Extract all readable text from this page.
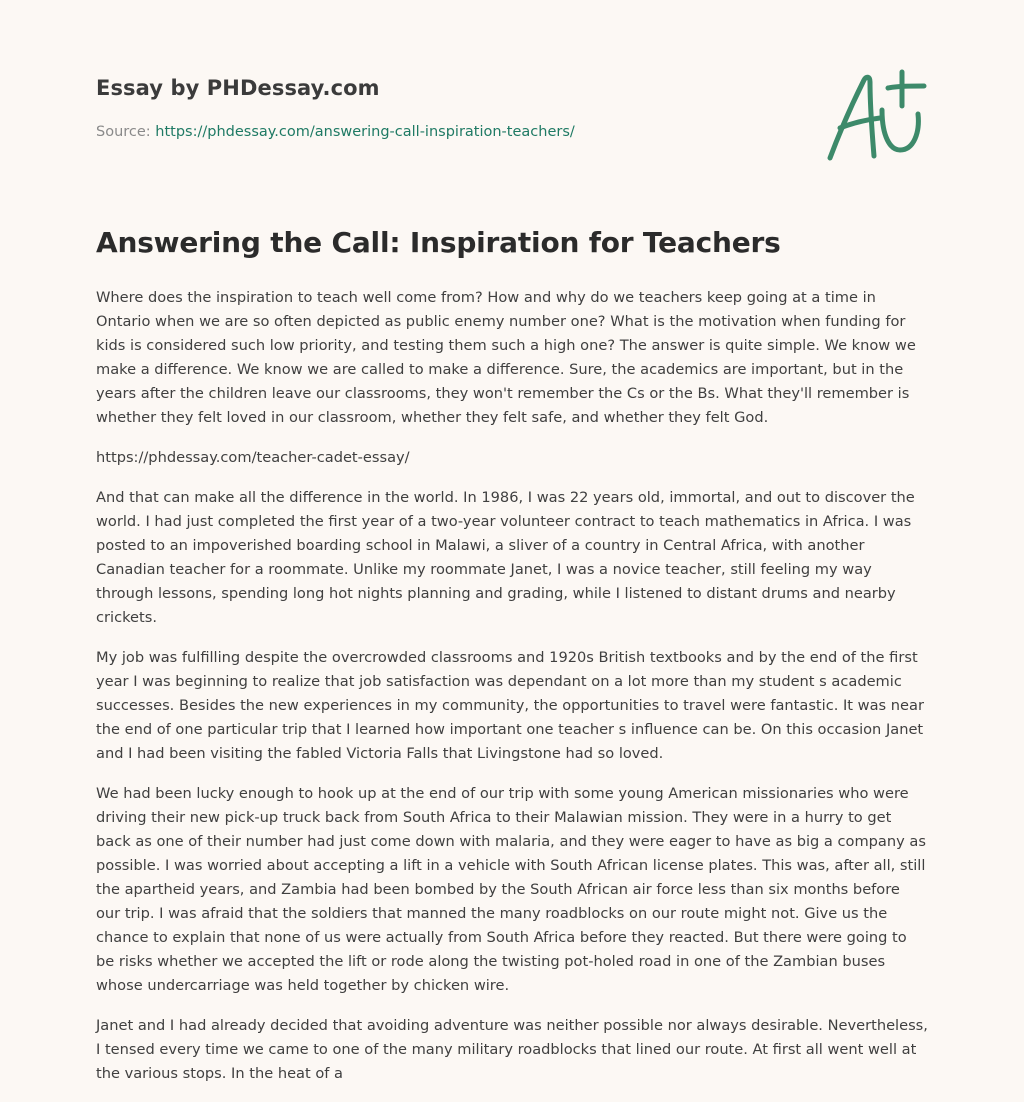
Essay by PHDessay.com
Source: https://phdessay.com/answering-call-inspiration-teachers/
Answering the Call: Inspiration for Teachers

Where does the inspiration to teach well come from? How and why do we teachers keep going at a time in Ontario when we are so often depicted as public enemy number one? What is the motivation when funding for kids is considered such low priority, and testing them such a high one? The answer is quite simple. We know we make a difference. We know we are called to make a difference. Sure, the academics are important, but in the years after the children leave our classrooms, they won't remember the Cs or the Bs. What they'll remember is whether they felt loved in our classroom, whether they felt safe, and whether they felt God.

https://phdessay.com/teacher-cadet-essay/

And that can make all the difference in the world. In 1986, I was 22 years old, immortal, and out to discover the world. I had just completed the first year of a two-year volunteer contract to teach mathematics in Africa. I was posted to an impoverished boarding school in Malawi, a sliver of a country in Central Africa, with another Canadian teacher for a roommate. Unlike my roommate Janet, I was a novice teacher, still feeling my way through lessons, spending long hot nights planning and grading, while I listened to distant drums and nearby crickets.

My job was fulfilling despite the overcrowded classrooms and 1920s British textbooks and by the end of the first year I was beginning to realize that job satisfaction was dependant on a lot more than my student s academic successes. Besides the new experiences in my community, the opportunities to travel were fantastic. It was near the end of one particular trip that I learned how important one teacher s influence can be. On this occasion Janet and I had been visiting the fabled Victoria Falls that Livingstone had so loved.

We had been lucky enough to hook up at the end of our trip with some young American missionaries who were driving their new pick-up truck back from South Africa to their Malawian mission. They were in a hurry to get back as one of their number had just come down with malaria, and they were eager to have as big a company as possible. I was worried about accepting a lift in a vehicle with South African license plates. This was, after all, still the apartheid years, and Zambia had been bombed by the South African air force less than six months before our trip. I was afraid that the soldiers that manned the many roadblocks on our route might not. Give us the chance to explain that none of us were actually from South Africa before they reacted. But there were going to be risks whether we accepted the lift or rode along the twisting pot-holed road in one of the Zambian buses whose undercarriage was held together by chicken wire.

Janet and I had already decided that avoiding adventure was neither possible nor always desirable. Nevertheless, I tensed every time we came to one of the many military roadblocks that lined our route. At first all went well at the various stops. In the heat of a
